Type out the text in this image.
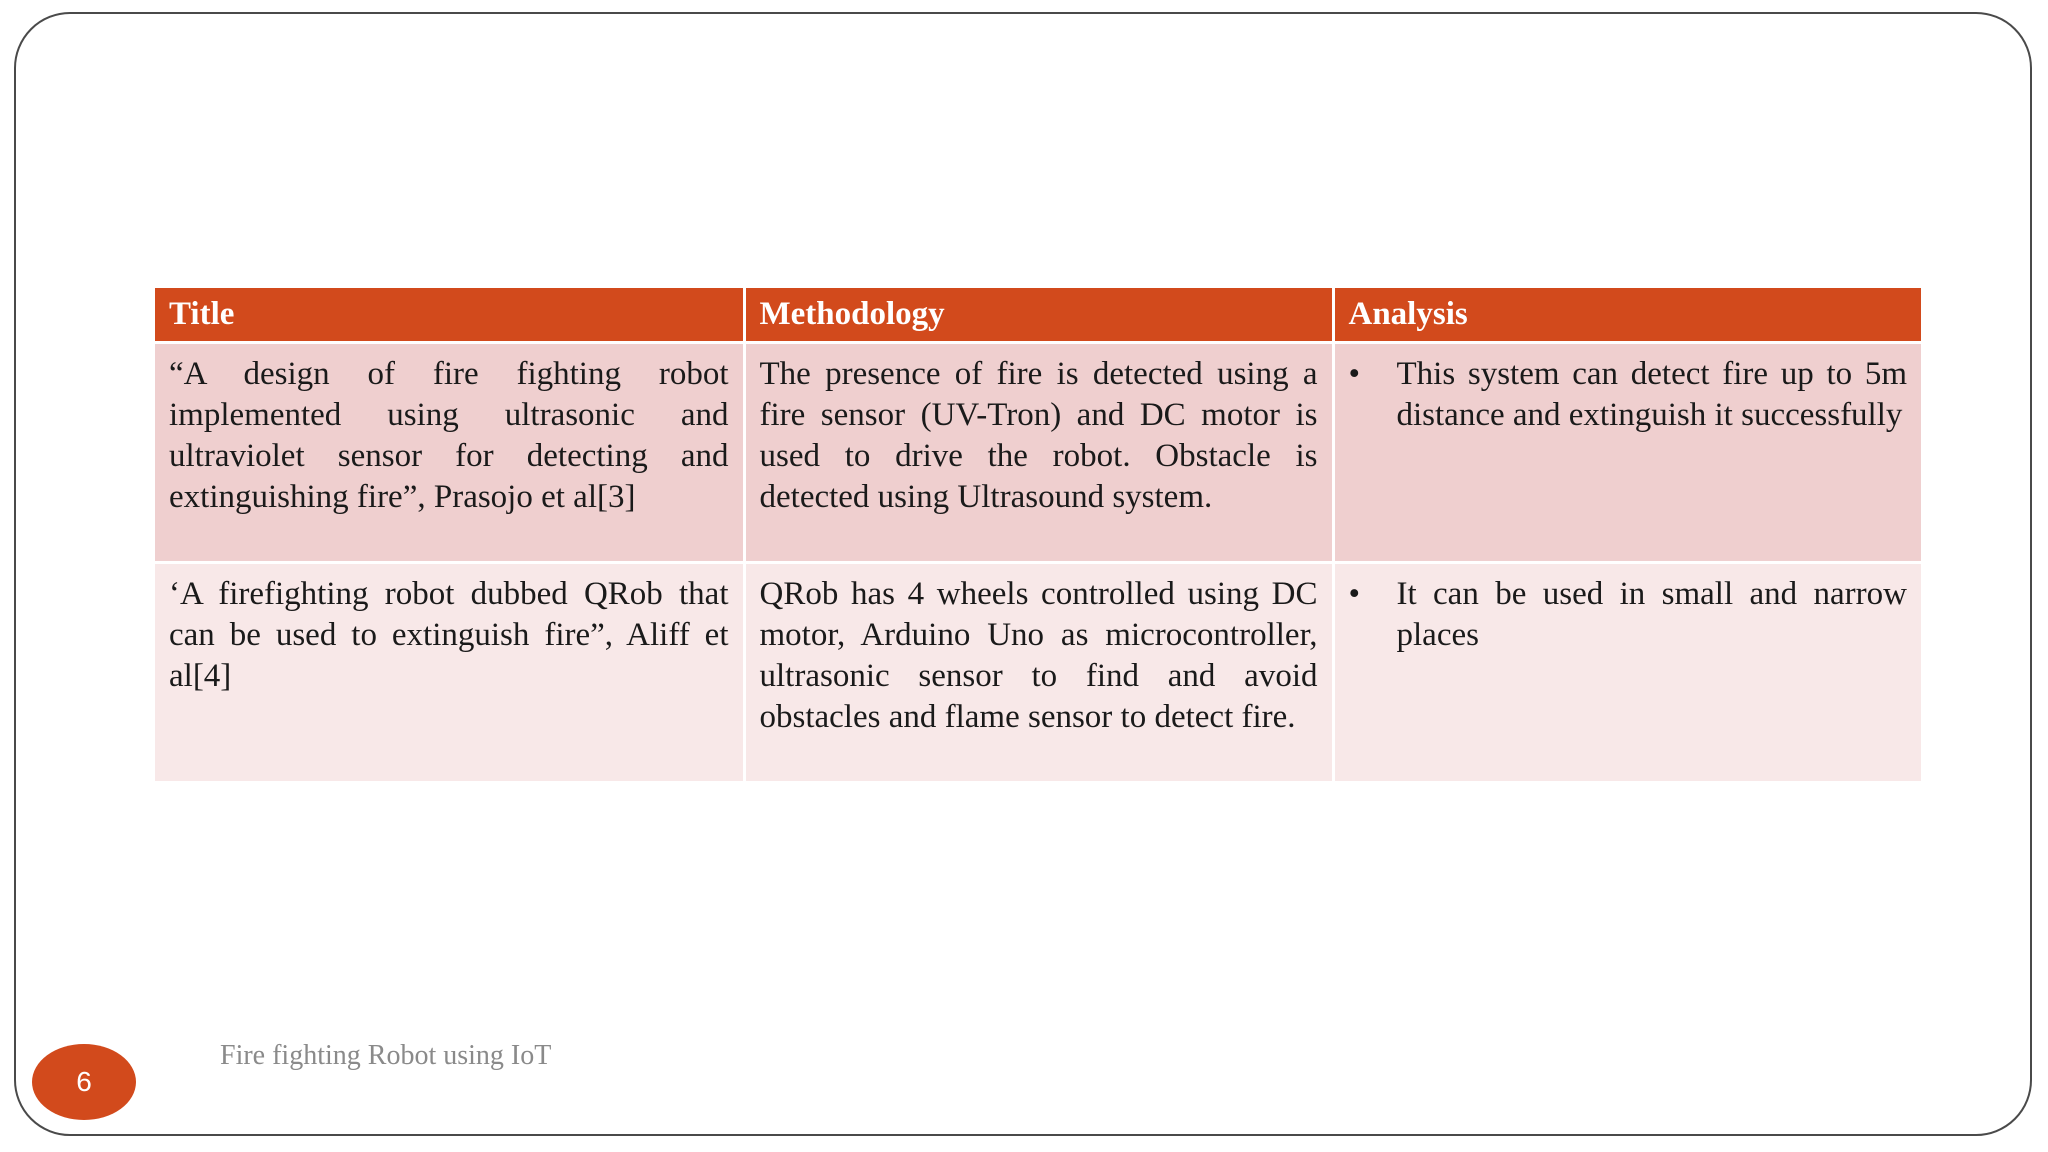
Title	Methodology	Analysis
“A design of fire fighting robot implemented using ultrasonic and ultraviolet sensor for detecting and extinguishing fire”, Prasojo et al[3]	The presence of fire is detected using a fire sensor (UV-Tron) and DC motor is used to drive the robot. Obstacle is detected using Ultrasound system.	• This system can detect fire up to 5m distance and extinguish it successfully

‘A firefighting robot dubbed QRob that can be used to extinguish fire”, Aliff et al[4]	QRob has 4 wheels controlled using DC motor, Arduino Uno as microcontroller, ultrasonic sensor to find and avoid obstacles and flame sensor to detect fire.	• It can be used in small and narrow places
6
Fire fighting Robot using IoT
